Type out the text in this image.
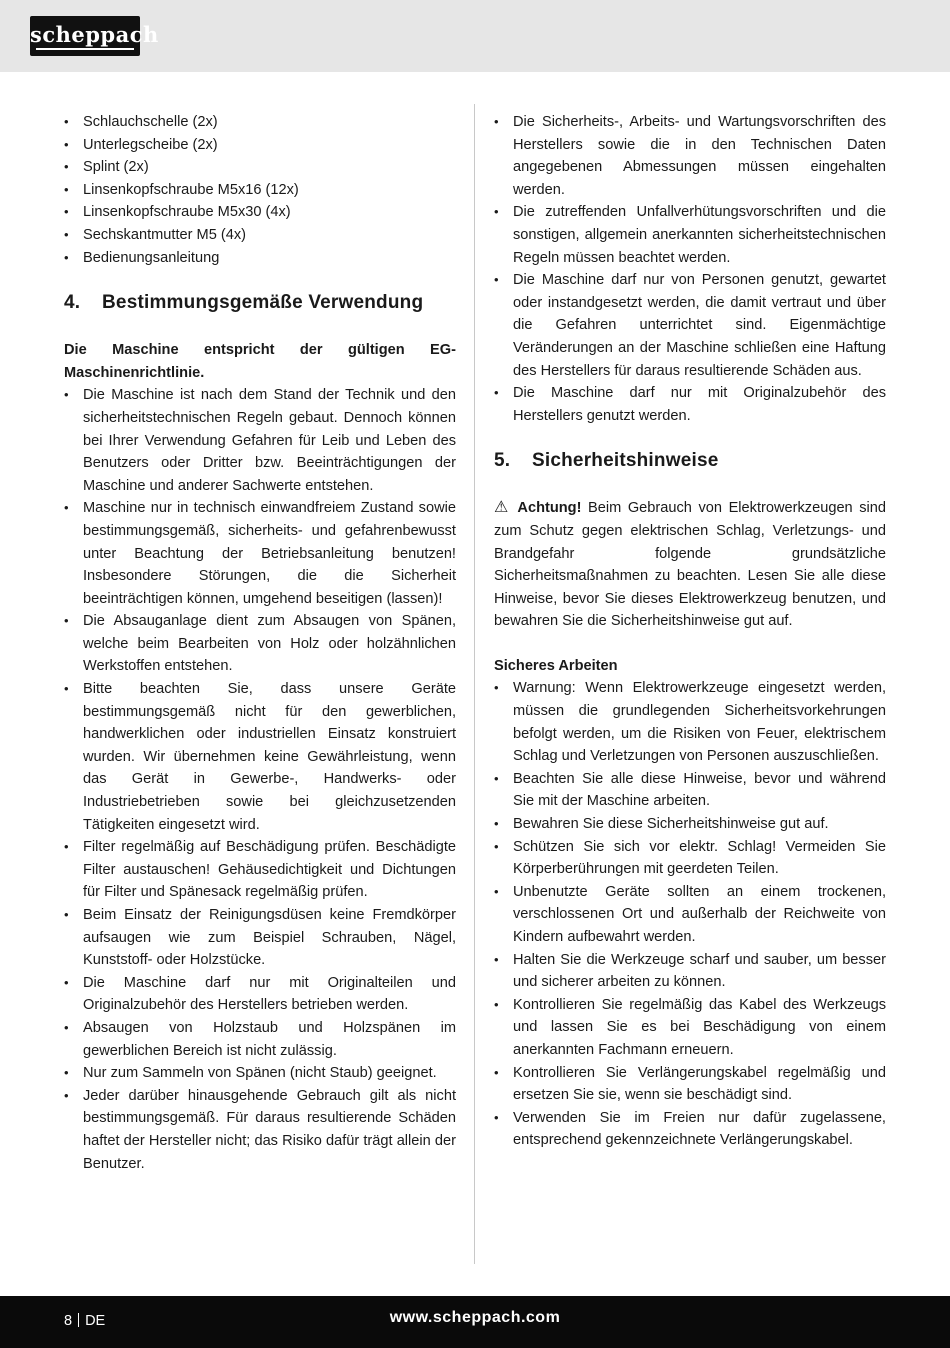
scheppach
• Schlauchschelle (2x)
• Unterlegscheibe (2x)
• Splint (2x)
• Linsenkopfschraube M5x16 (12x)
• Linsenkopfschraube M5x30 (4x)
• Sechskantmutter M5 (4x)
• Bedienungsanleitung
4.	Bestimmungsgemäße Verwendung

Die Maschine entspricht der gültigen EG-Maschinenrichtlinie.

• Die Maschine ist nach dem Stand der Technik und den sicherheitstechnischen Regeln gebaut. Dennoch können bei Ihrer Verwendung Gefahren für Leib und Leben des Benutzers oder Dritter bzw. Beeinträchtigungen der Maschine und anderer Sachwerte entstehen.
• Maschine nur in technisch einwandfreiem Zustand sowie bestimmungsgemäß, sicherheits- und gefahrenbewusst unter Beachtung der Betriebsanleitung benutzen! Insbesondere Störungen, die die Sicherheit beeinträchtigen können, umgehend beseitigen (lassen)!
• Die Absauganlage dient zum Absaugen von Spänen, welche beim Bearbeiten von Holz oder holzähnlichen Werkstoffen entstehen.
• Bitte beachten Sie, dass unsere Geräte bestimmungsgemäß nicht für den gewerblichen, handwerklichen oder industriellen Einsatz konstruiert wurden. Wir übernehmen keine Gewährleistung, wenn das Gerät in Gewerbe-, Handwerks- oder Industriebetrieben sowie bei gleichzusetzenden Tätigkeiten eingesetzt wird.
• Filter regelmäßig auf Beschädigung prüfen. Beschädigte Filter austauschen! Gehäusedichtigkeit und Dichtungen für Filter und Spänesack regelmäßig prüfen.
• Beim Einsatz der Reinigungsdüsen keine Fremdkörper aufsaugen wie zum Beispiel Schrauben, Nägel, Kunststoff- oder Holzstücke.
• Die Maschine darf nur mit Originalteilen und Originalzubehör des Herstellers betrieben werden.
• Absaugen von Holzstaub und Holzspänen im gewerblichen Bereich ist nicht zulässig.
• Nur zum Sammeln von Spänen (nicht Staub) geeignet.
• Jeder darüber hinausgehende Gebrauch gilt als nicht bestimmungsgemäß. Für daraus resultierende Schäden haftet der Hersteller nicht; das Risiko dafür trägt allein der Benutzer.
• Die Sicherheits-, Arbeits- und Wartungsvorschriften des Herstellers sowie die in den Technischen Daten angegebenen Abmessungen müssen eingehalten werden.
• Die zutreffenden Unfallverhütungsvorschriften und die sonstigen, allgemein anerkannten sicherheitstechnischen Regeln müssen beachtet werden.
• Die Maschine darf nur von Personen genutzt, gewartet oder instandgesetzt werden, die damit vertraut und über die Gefahren unterrichtet sind. Eigenmächtige Veränderungen an der Maschine schließen eine Haftung des Herstellers für daraus resultierende Schäden aus.
• Die Maschine darf nur mit Originalzubehör des Herstellers genutzt werden.
5.	Sicherheitshinweise

⚠ Achtung! Beim Gebrauch von Elektrowerkzeugen sind zum Schutz gegen elektrischen Schlag, Verletzungs- und Brandgefahr folgende grundsätzliche Sicherheitsmaßnahmen zu beachten. Lesen Sie alle diese Hinweise, bevor Sie dieses Elektrowerkzeug benutzen, und bewahren Sie die Sicherheitshinweise gut auf.

Sicheres Arbeiten

• Warnung: Wenn Elektrowerkzeuge eingesetzt werden, müssen die grundlegenden Sicherheitsvorkehrungen befolgt werden, um die Risiken von Feuer, elektrischem Schlag und Verletzungen von Personen auszuschließen.
• Beachten Sie alle diese Hinweise, bevor und während Sie mit der Maschine arbeiten.
• Bewahren Sie diese Sicherheitshinweise gut auf.
• Schützen Sie sich vor elektr. Schlag! Vermeiden Sie Körperberührungen mit geerdeten Teilen.
• Unbenutzte Geräte sollten an einem trockenen, verschlossenen Ort und außerhalb der Reichweite von Kindern aufbewahrt werden.
• Halten Sie die Werkzeuge scharf und sauber, um besser und sicherer arbeiten zu können.
• Kontrollieren Sie regelmäßig das Kabel des Werkzeugs und lassen Sie es bei Beschädigung von einem anerkannten Fachmann erneuern.
• Kontrollieren Sie Verlängerungskabel regelmäßig und ersetzen Sie sie, wenn sie beschädigt sind.
• Verwenden Sie im Freien nur dafür zugelassene, entsprechend gekennzeichnete Verlängerungskabel.
8 DE	www.scheppach.com
